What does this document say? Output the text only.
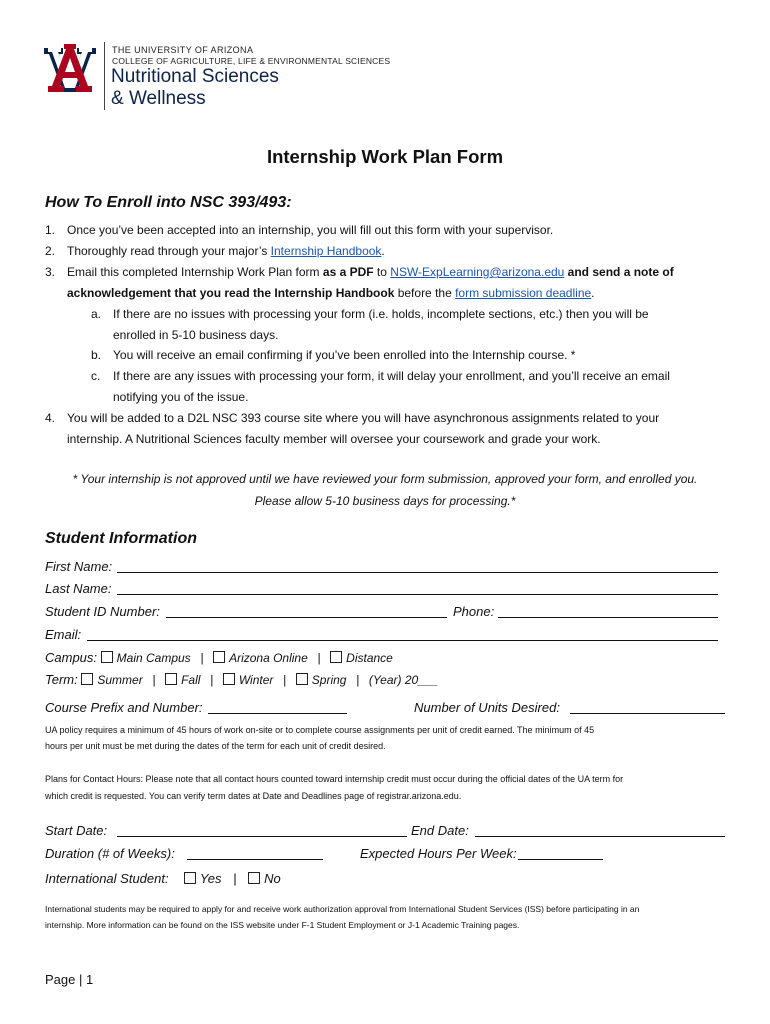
THE UNIVERSITY OF ARIZONA
COLLEGE OF AGRICULTURE, LIFE & ENVIRONMENTAL SCIENCES
Nutritional Sciences
& Wellness
Internship Work Plan Form
How To Enroll into NSC 393/493:
1. Once you’ve been accepted into an internship, you will fill out this form with your supervisor.
2. Thoroughly read through your major’s Internship Handbook.
3. Email this completed Internship Work Plan form as a PDF to NSW-ExpLearning@arizona.edu and send a note of
acknowledgement that you read the Internship Handbook before the form submission deadline.
a. If there are no issues with processing your form (i.e. holds, incomplete sections, etc.) then you will be
enrolled in 5-10 business days.
b. You will receive an email confirming if you’ve been enrolled into the Internship course. *
c. If there are any issues with processing your form, it will delay your enrollment, and you’ll receive an email
notifying you of the issue.
4. You will be added to a D2L NSC 393 course site where you will have asynchronous assignments related to your
internship. A Nutritional Sciences faculty member will oversee your coursework and grade your work.
* Your internship is not approved until we have reviewed your form submission, approved your form, and enrolled you.
Please allow 5-10 business days for processing.*
Student Information
First Name:
Last Name:
Student ID Number:	Phone:
Email:
Campus: Main Campus | Arizona Online | Distance
Term: Summer | Fall | Winter | Spring | (Year) 20___
Course Prefix and Number:	Number of Units Desired:
UA policy requires a minimum of 45 hours of work on-site or to complete course assignments per unit of credit earned. The minimum of 45
hours per unit must be met during the dates of the term for each unit of credit desired.
Plans for Contact Hours: Please note that all contact hours counted toward internship credit must occur during the official dates of the UA term for
which credit is requested. You can verify term dates at Date and Deadlines page of registrar.arizona.edu.
Start Date:	End Date:
Duration (# of Weeks):	Expected Hours Per Week:
International Student: Yes | No
International students may be required to apply for and receive work authorization approval from International Student Services (ISS) before participating in an
internship. More information can be found on the ISS website under F-1 Student Employment or J-1 Academic Training pages.
Page | 1
